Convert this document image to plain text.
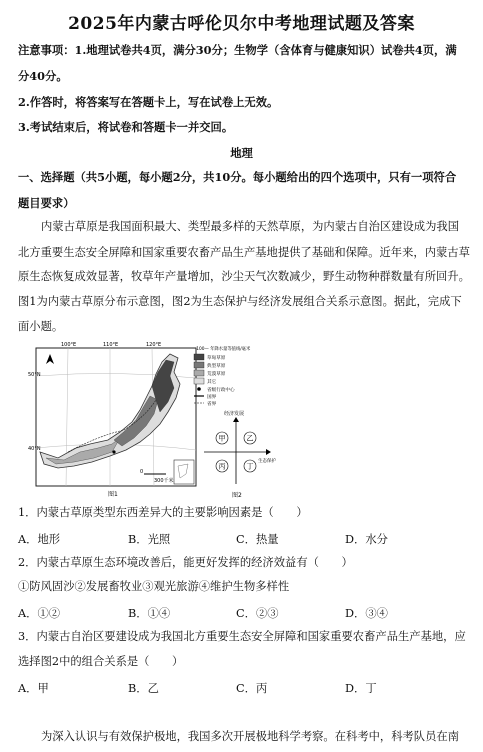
2025年内蒙古呼伦贝尔中考地理试题及答案
注意事项：1.地理试卷共4页，满分30分；生物学（含体育与健康知识）试卷共4页，满
分40分。
2.作答时，将答案写在答题卡上，写在试卷上无效。
3.考试结束后，将试卷和答题卡一并交回。
地理
一、选择题（共5小题，每小题2分，共10分。每小题给出的四个选项中，只有一项符合
题目要求）
内蒙古草原是我国面积最大、类型最多样的天然草原，为内蒙古自治区建设成为我国
北方重要生态安全屏障和国家重要农畜产品生产基地提供了基础和保障。近年来，内蒙古草
原生态恢复成效显著，牧草年产量增加，沙尘天气次数减少，野生动物种群数量有所回升。
图1为内蒙古草原分布示意图，图2为生态保护与经济发展组合关系示意图。据此，完成下
面小题。
0
300千米
100°E	110°E	120°E
50°N
40°N
图1
一100— 年降水量等值线/毫米
草甸草原
典型草原
荒漠草原
其它
省级行政中心
国界
省界
经济发展
生态保护
甲	乙
丙	丁
图2
1．内蒙古草原类型东西差异大的主要影响因素是（　　）
A．地形	B．光照	C．热量	D．水分
2．内蒙古草原生态环境改善后，能更好发挥的经济效益有（　　）
①防风固沙②发展畜牧业③观光旅游④维护生物多样性
A．①②	B．①④	C．②③	D．③④
3．内蒙古自治区要建设成为我国北方重要生态安全屏障和国家重要农畜产品生产基地，应
选择图2中的组合关系是（　　）
A．甲	B．乙	C．丙	D．丁
为深入认识与有效保护极地，我国多次开展极地科学考察。在科考中，科考队员在南
